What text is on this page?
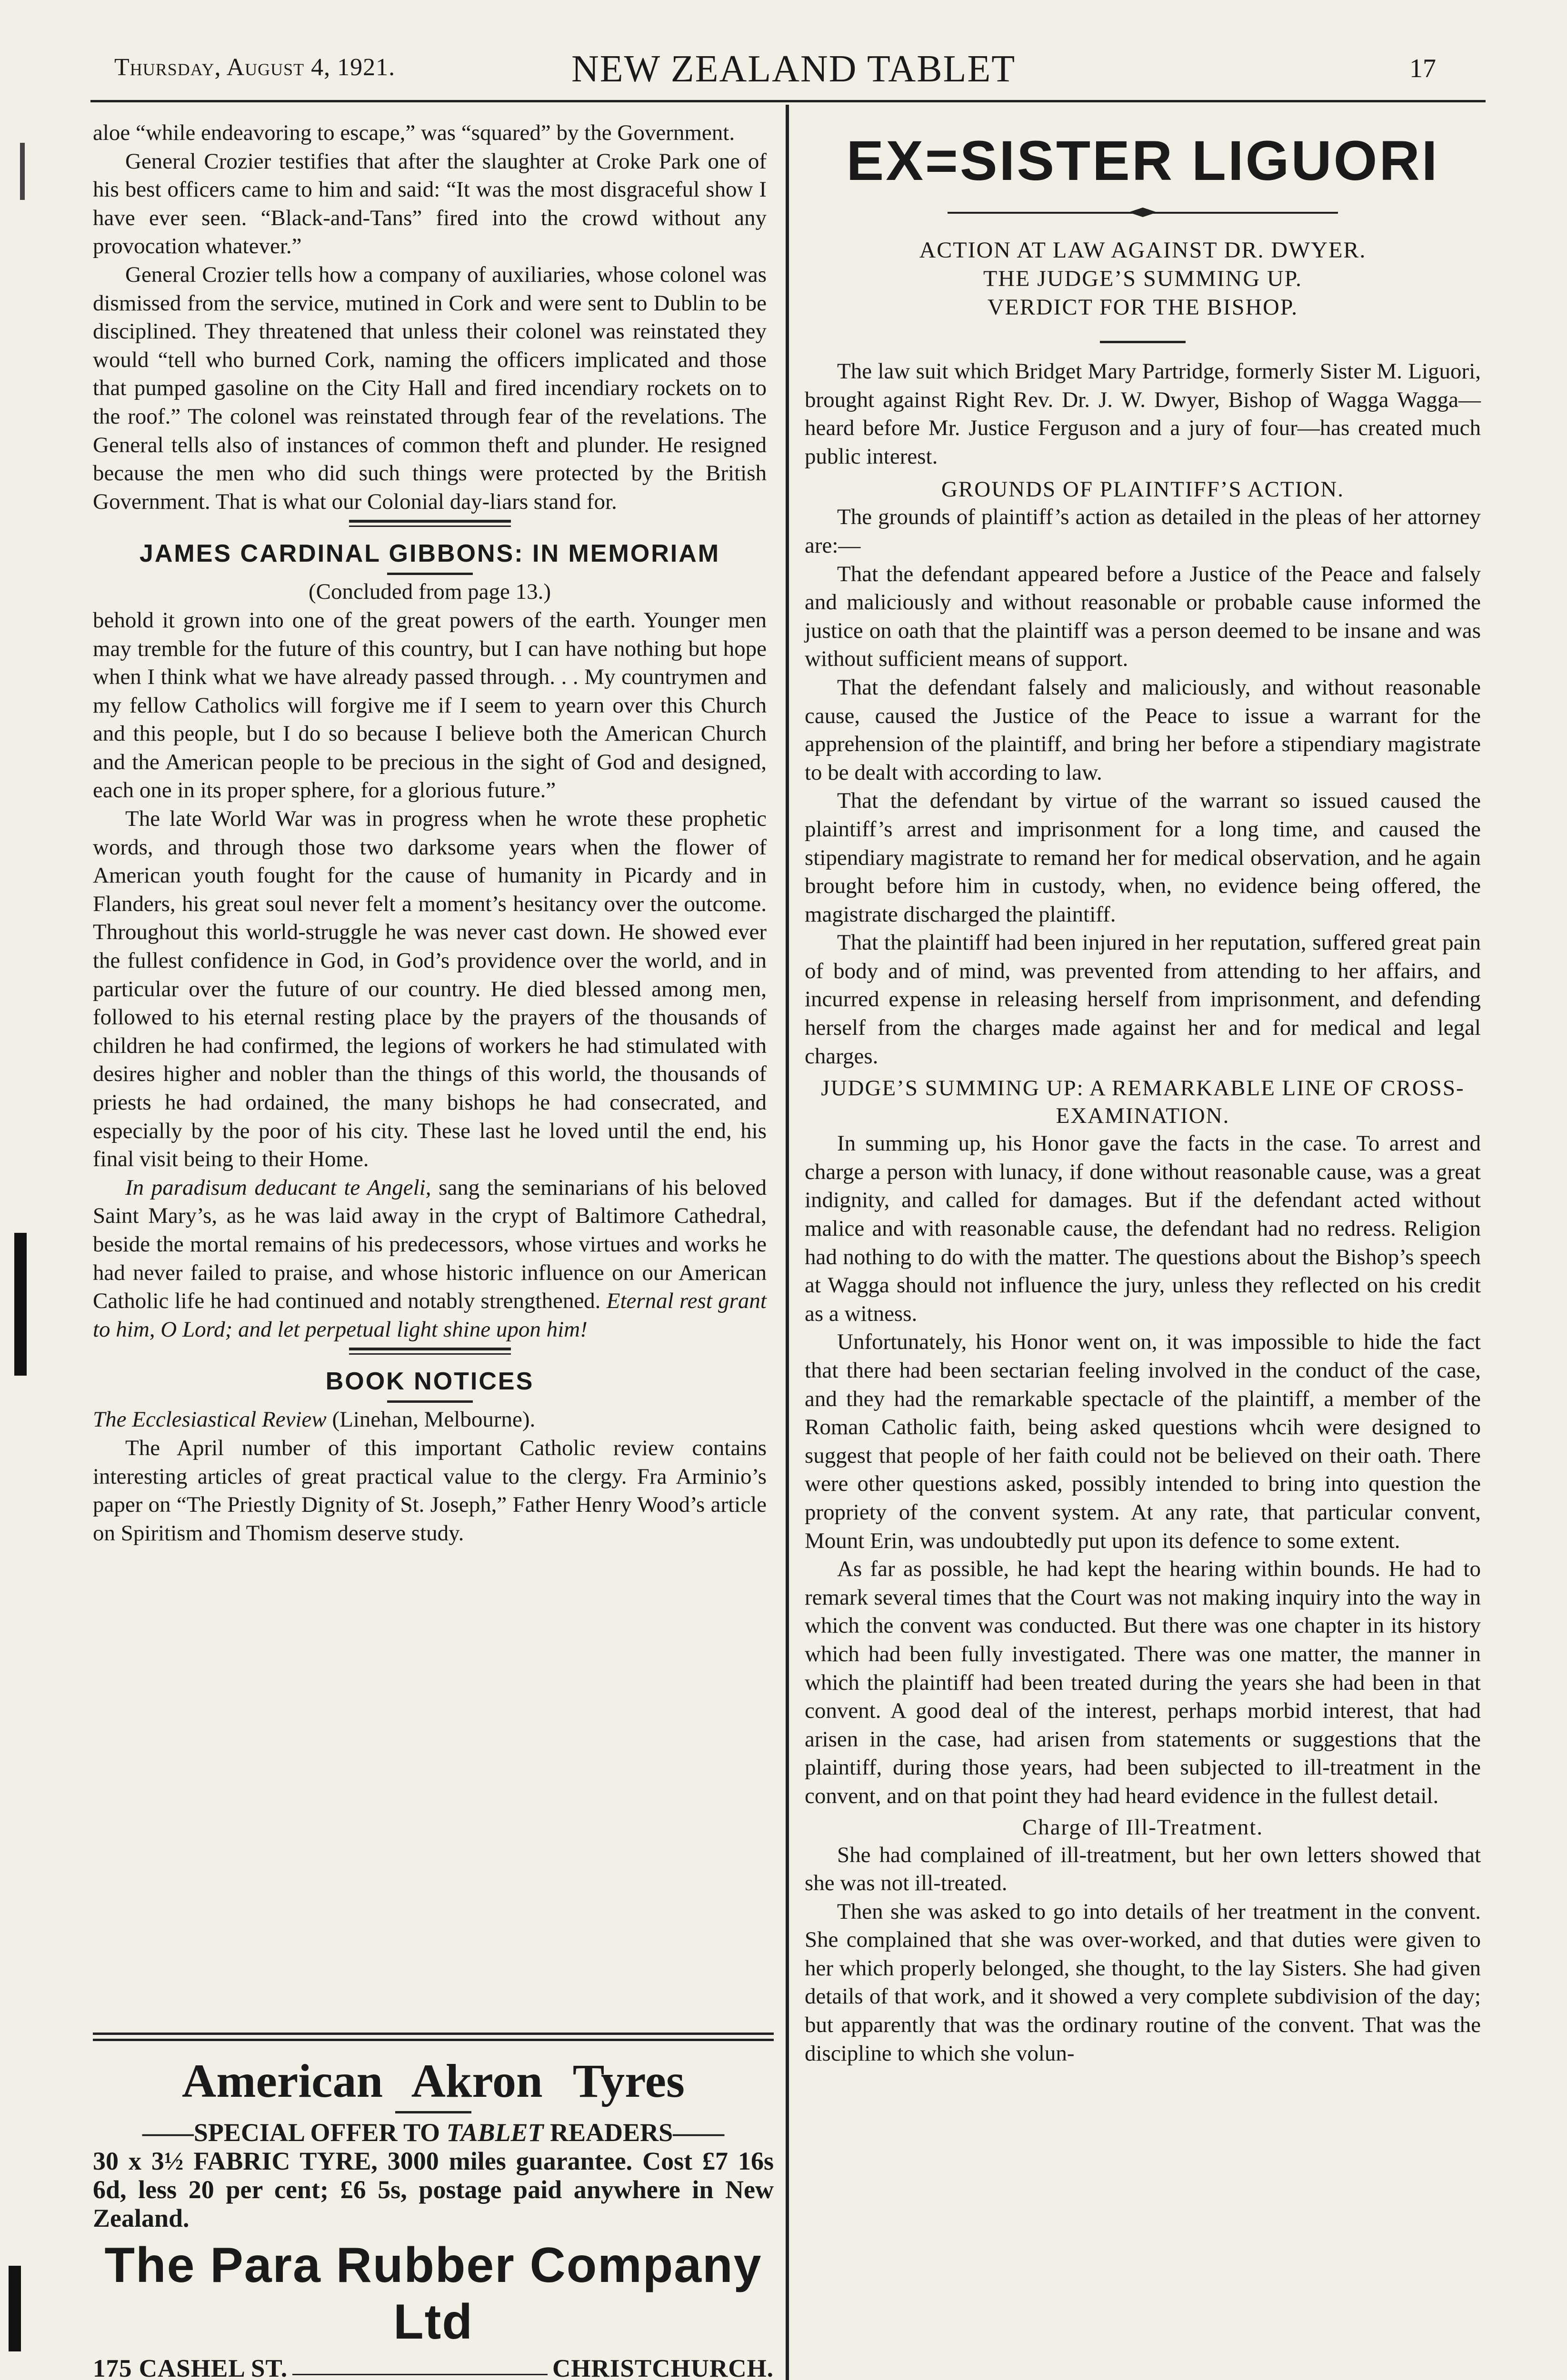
Thursday, August 4, 1921.	NEW ZEALAND TABLET	17

aloe “while endeavoring to escape,” was “squared” by the Government.

General Crozier testifies that after the slaughter at Croke Park one of his best officers came to him and said: “It was the most disgraceful show I have ever seen. “Black-and-Tans” fired into the crowd without any provocation whatever.”

General Crozier tells how a company of auxiliaries, whose colonel was dismissed from the service, mutined in Cork and were sent to Dublin to be disciplined. They threatened that unless their colonel was reinstated they would “tell who burned Cork, naming the officers implicated and those that pumped gasoline on the City Hall and fired incendiary rockets on to the roof.” The colonel was reinstated through fear of the revelations. The General tells also of instances of common theft and plunder. He resigned because the men who did such things were protected by the British Government. That is what our Colonial day-liars stand for.

JAMES CARDINAL GIBBONS: IN MEMORIAM

(Concluded from page 13.)

behold it grown into one of the great powers of the earth. Younger men may tremble for the future of this country, but I can have nothing but hope when I think what we have already passed through. . . My countrymen and my fellow Catholics will forgive me if I seem to yearn over this Church and this people, but I do so because I believe both the American Church and the American people to be precious in the sight of God and designed, each one in its proper sphere, for a glorious future.”

The late World War was in progress when he wrote these prophetic words, and through those two darksome years when the flower of American youth fought for the cause of humanity in Picardy and in Flanders, his great soul never felt a moment’s hesitancy over the outcome. Throughout this world-struggle he was never cast down. He showed ever the fullest confidence in God, in God’s providence over the world, and in particular over the future of our country. He died blessed among men, followed to his eternal resting place by the prayers of the thousands of children he had confirmed, the legions of workers he had stimulated with desires higher and nobler than the things of this world, the thousands of priests he had ordained, the many bishops he had consecrated, and especially by the poor of his city. These last he loved until the end, his final visit being to their Home.

In paradisum deducant te Angeli, sang the seminarians of his beloved Saint Mary’s, as he was laid away in the crypt of Baltimore Cathedral, beside the mortal remains of his predecessors, whose virtues and works he had never failed to praise, and whose historic influence on our American Catholic life he had continued and notably strengthened. Eternal rest grant to him, O Lord; and let perpetual light shine upon him!

BOOK NOTICES

The Ecclesiastical Review (Linehan, Melbourne).

The April number of this important Catholic review contains interesting articles of great practical value to the clergy. Fra Arminio’s paper on “The Priestly Dignity of St. Joseph,” Father Henry Wood’s article on Spiritism and Thomism deserve study.

American Akron Tyres
——SPECIAL OFFER TO TABLET READERS——
30 x 3½ FABRIC TYRE, 3000 miles guarantee. Cost £7 16s 6d, less 20 per cent; £6 5s, postage paid anywhere in New Zealand.
The Para Rubber Company Ltd
175 CASHEL ST.	CHRISTCHURCH.
EX=SISTER LIGUORI
ACTION AT LAW AGAINST DR. DWYER.
THE JUDGE’S SUMMING UP.
VERDICT FOR THE BISHOP.

The law suit which Bridget Mary Partridge, formerly Sister M. Liguori, brought against Right Rev. Dr. J. W. Dwyer, Bishop of Wagga Wagga—heard before Mr. Justice Ferguson and a jury of four—has created much public interest.

GROUNDS OF PLAINTIFF’S ACTION.

The grounds of plaintiff’s action as detailed in the pleas of her attorney are:—

That the defendant appeared before a Justice of the Peace and falsely and maliciously and without reasonable or probable cause informed the justice on oath that the plaintiff was a person deemed to be insane and was without sufficient means of support.

That the defendant falsely and maliciously, and without reasonable cause, caused the Justice of the Peace to issue a warrant for the apprehension of the plaintiff, and bring her before a stipendiary magistrate to be dealt with according to law.

That the defendant by virtue of the warrant so issued caused the plaintiff’s arrest and imprisonment for a long time, and caused the stipendiary magistrate to remand her for medical observation, and he again brought before him in custody, when, no evidence being offered, the magistrate discharged the plaintiff.

That the plaintiff had been injured in her reputation, suffered great pain of body and of mind, was prevented from attending to her affairs, and incurred expense in releasing herself from imprisonment, and defending herself from the charges made against her and for medical and legal charges.

JUDGE’S SUMMING UP: A REMARKABLE LINE OF CROSS-EXAMINATION.

In summing up, his Honor gave the facts in the case. To arrest and charge a person with lunacy, if done without reasonable cause, was a great indignity, and called for damages. But if the defendant acted without malice and with reasonable cause, the defendant had no redress. Religion had nothing to do with the matter. The questions about the Bishop’s speech at Wagga should not influence the jury, unless they reflected on his credit as a witness.

Unfortunately, his Honor went on, it was impossible to hide the fact that there had been sectarian feeling involved in the conduct of the case, and they had the remarkable spectacle of the plaintiff, a member of the Roman Catholic faith, being asked questions whcih were designed to suggest that people of her faith could not be believed on their oath. There were other questions asked, possibly intended to bring into question the propriety of the convent system. At any rate, that particular convent, Mount Erin, was undoubtedly put upon its defence to some extent.

As far as possible, he had kept the hearing within bounds. He had to remark several times that the Court was not making inquiry into the way in which the convent was conducted. But there was one chapter in its history which had been fully investigated. There was one matter, the manner in which the plaintiff had been treated during the years she had been in that convent. A good deal of the interest, perhaps morbid interest, that had arisen in the case, had arisen from statements or suggestions that the plaintiff, during those years, had been subjected to ill-treatment in the convent, and on that point they had heard evidence in the fullest detail.

Charge of Ill-Treatment.

She had complained of ill-treatment, but her own letters showed that she was not ill-treated.

Then she was asked to go into details of her treatment in the convent. She complained that she was over-worked, and that duties were given to her which properly belonged, she thought, to the lay Sisters. She had given details of that work, and it showed a very complete subdivision of the day; but apparently that was the ordinary routine of the convent. That was the discipline to which she volun-
